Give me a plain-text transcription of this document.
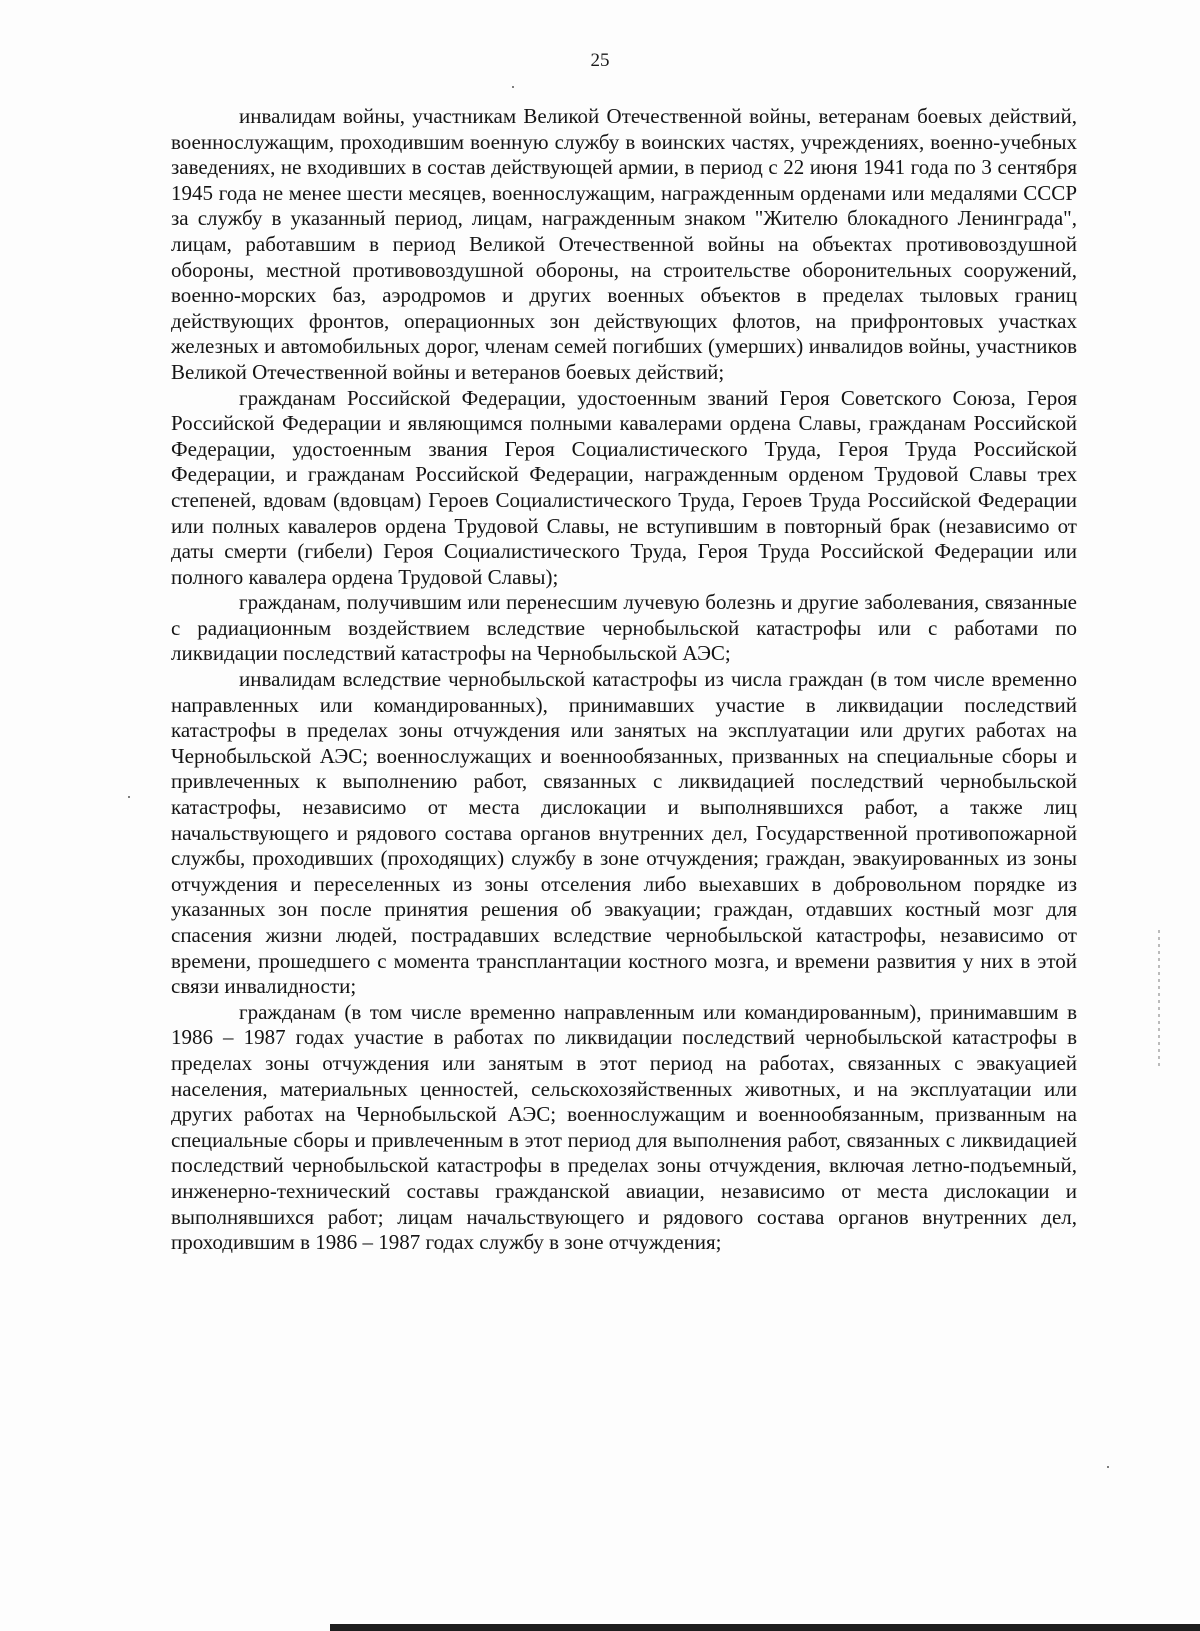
25

инвалидам войны, участникам Великой Отечественной войны, ветеранам боевых действий, военнослужащим, проходившим военную службу в воинских частях, учреждениях, военно-учебных заведениях, не входивших в состав действующей армии, в период с 22 июня 1941 года по 3 сентября 1945 года не менее шести месяцев, военнослужащим, награжденным орденами или медалями СССР за службу в указанный период, лицам, награжденным знаком "Жителю блокадного Ленинграда", лицам, работавшим в период Великой Отечественной войны на объектах противовоздушной обороны, местной противовоздушной обороны, на строительстве оборонительных сооружений, военно-морских баз, аэродромов и других военных объектов в пределах тыловых границ действующих фронтов, операционных зон действующих флотов, на прифронтовых участках железных и автомобильных дорог, членам семей погибших (умерших) инвалидов войны, участников Великой Отечественной войны и ветеранов боевых действий;

гражданам Российской Федерации, удостоенным званий Героя Советского Союза, Героя Российской Федерации и являющимся полными кавалерами ордена Славы, гражданам Российской Федерации, удостоенным звания Героя Социалистического Труда, Героя Труда Российской Федерации, и гражданам Российской Федерации, награжденным орденом Трудовой Славы трех степеней, вдовам (вдовцам) Героев Социалистического Труда, Героев Труда Российской Федерации или полных кавалеров ордена Трудовой Славы, не вступившим в повторный брак (независимо от даты смерти (гибели) Героя Социалистического Труда, Героя Труда Российской Федерации или полного кавалера ордена Трудовой Славы);

гражданам, получившим или перенесшим лучевую болезнь и другие заболевания, связанные с радиационным воздействием вследствие чернобыльской катастрофы или с работами по ликвидации последствий катастрофы на Чернобыльской АЭС;

инвалидам вследствие чернобыльской катастрофы из числа граждан (в том числе временно направленных или командированных), принимавших участие в ликвидации последствий катастрофы в пределах зоны отчуждения или занятых на эксплуатации или других работах на Чернобыльской АЭС; военнослужащих и военнообязанных, призванных на специальные сборы и привлеченных к выполнению работ, связанных с ликвидацией последствий чернобыльской катастрофы, независимо от места дислокации и выполнявшихся работ, а также лиц начальствующего и рядового состава органов внутренних дел, Государственной противопожарной службы, проходивших (проходящих) службу в зоне отчуждения; граждан, эвакуированных из зоны отчуждения и переселенных из зоны отселения либо выехавших в добровольном порядке из указанных зон после принятия решения об эвакуации; граждан, отдавших костный мозг для спасения жизни людей, пострадавших вследствие чернобыльской катастрофы, независимо от времени, прошедшего с момента трансплантации костного мозга, и времени развития у них в этой связи инвалидности;

гражданам (в том числе временно направленным или командированным), принимавшим в 1986 – 1987 годах участие в работах по ликвидации последствий чернобыльской катастрофы в пределах зоны отчуждения или занятым в этот период на работах, связанных с эвакуацией населения, материальных ценностей, сельскохозяйственных животных, и на эксплуатации или других работах на Чернобыльской АЭС; военнослужащим и военнообязанным, призванным на специальные сборы и привлеченным в этот период для выполнения работ, связанных с ликвидацией последствий чернобыльской катастрофы в пределах зоны отчуждения, включая летно-подъемный, инженерно-технический составы гражданской авиации, независимо от места дислокации и выполнявшихся работ; лицам начальствующего и рядового состава органов внутренних дел, проходившим в 1986 – 1987 годах службу в зоне отчуждения;
